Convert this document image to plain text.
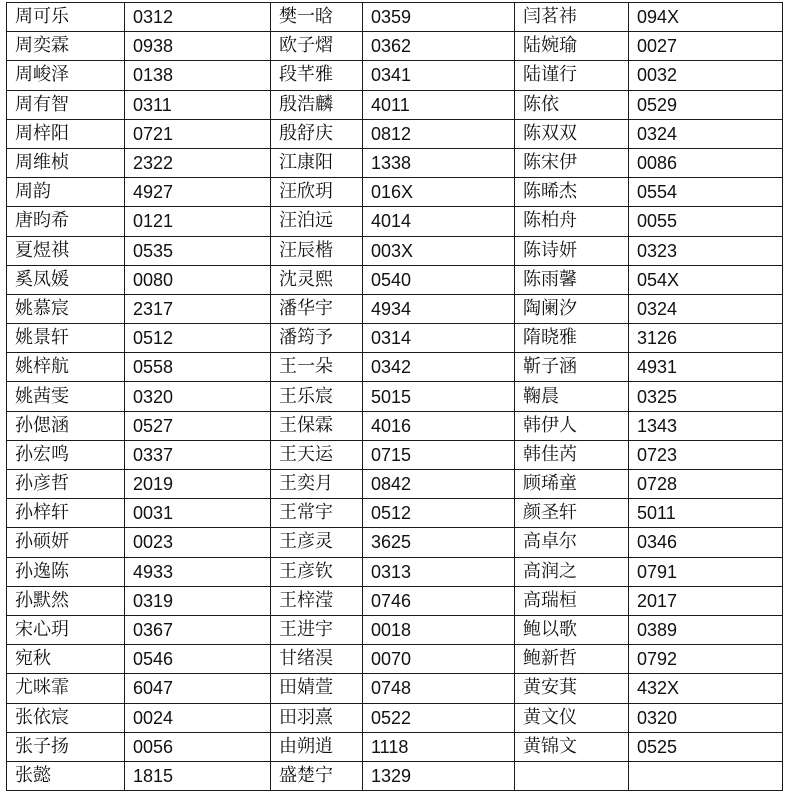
周可乐	0312	樊一晗	0359	闫茗祎	094X
周奕霖	0938	欧子熠	0362	陆婉瑜	0027
周峻泽	0138	段芊雅	0341	陆谨行	0032
周有智	0311	殷浩麟	4011	陈依	0529
周梓阳	0721	殷舒庆	0812	陈双双	0324
周维桢	2322	江康阳	1338	陈宋伊	0086
周韵	4927	汪欣玥	016X	陈晞杰	0554
唐昀希	0121	汪泊远	4014	陈柏舟	0055
夏煜祺	0535	汪辰楷	003X	陈诗妍	0323
奚凤媛	0080	沈灵熙	0540	陈雨馨	054X
姚慕宸	2317	潘华宇	4934	陶阑汐	0324
姚景轩	0512	潘筠予	0314	隋晓雅	3126
姚梓航	0558	王一朵	0342	靳子涵	4931
姚茜雯	0320	王乐宸	5015	鞠晨	0325
孙偲涵	0527	王保霖	4016	韩伊人	1343
孙宏鸣	0337	王天运	0715	韩佳芮	0723
孙彦哲	2019	王奕月	0842	顾琋童	0728
孙梓轩	0031	王常宇	0512	颜圣轩	5011
孙硕妍	0023	王彦灵	3625	高卓尔	0346
孙逸陈	4933	王彦钦	0313	高润之	0791
孙默然	0319	王梓滢	0746	高瑞桓	2017
宋心玥	0367	王进宇	0018	鲍以歌	0389
宛秋	0546	甘绪淏	0070	鲍新哲	0792
尤咪霏	6047	田婧萱	0748	黄安萁	432X
张依宸	0024	田羽熹	0522	黄文仪	0320
张子扬	0056	由朔逍	1118	黄锦文	0525
张懿	1815	盛楚宁	1329		
